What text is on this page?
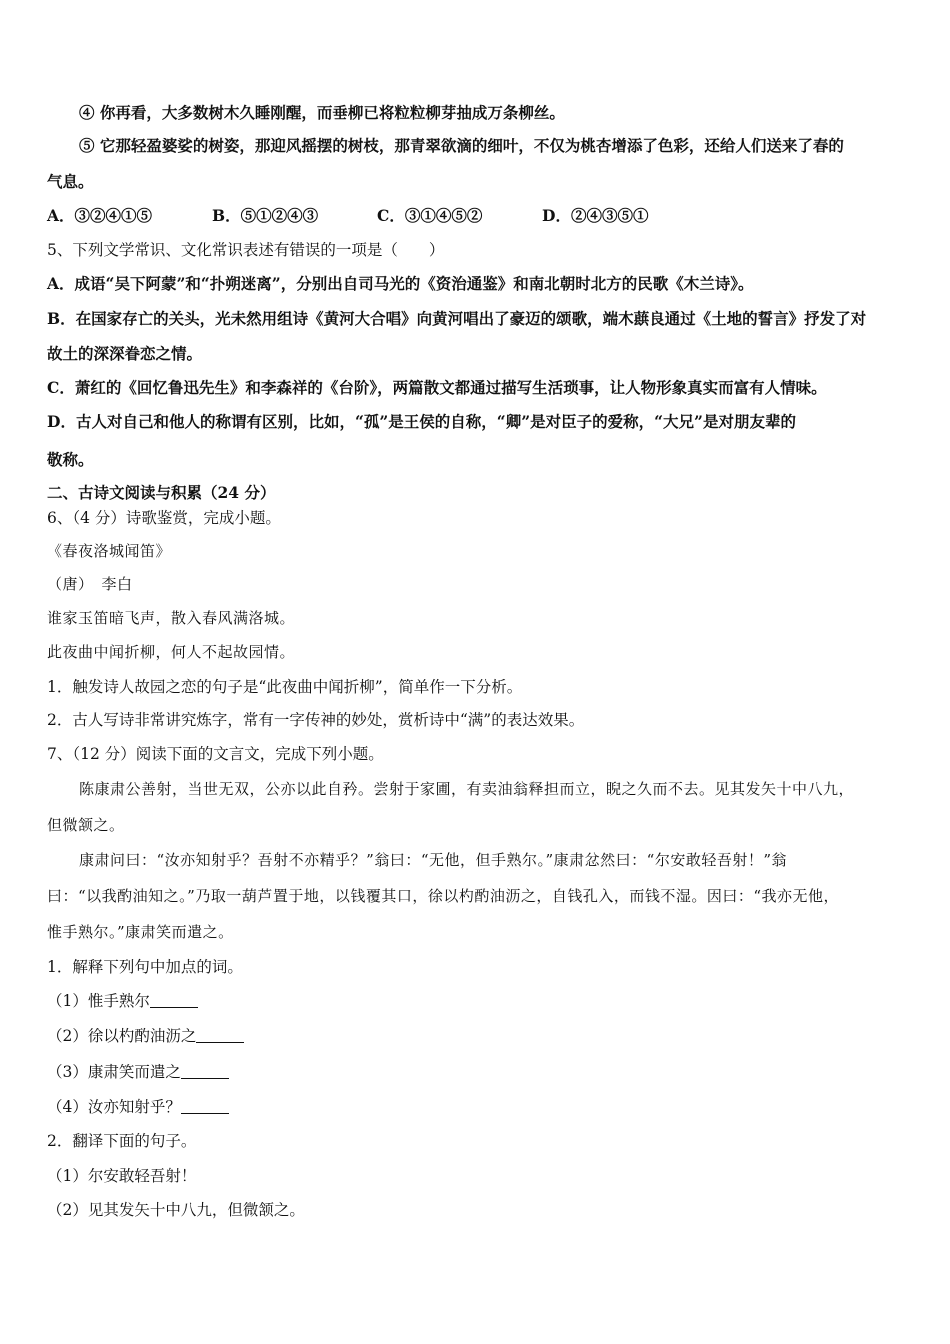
④ 你再看，大多数树木久睡刚醒，而垂柳已将粒粒柳芽抽成万条柳丝。
⑤ 它那轻盈婆娑的树姿，那迎风摇摆的树枝，那青翠欲滴的细叶，不仅为桃杏增添了色彩，还给人们送来了春的
气息。
A．③②④①⑤	B．⑤①②④③	C．③①④⑤②	D．②④③⑤①
5、下列文学常识、文化常识表述有错误的一项是（　　）
A．成语“吴下阿蒙”和“扑朔迷离”，分别出自司马光的《资治通鉴》和南北朝时北方的民歌《木兰诗》。
B．在国家存亡的关头，光未然用组诗《黄河大合唱》向黄河唱出了豪迈的颂歌，端木蕻良通过《土地的誓言》抒发了对
故土的深深眷恋之情。
C．萧红的《回忆鲁迅先生》和李森祥的《台阶》，两篇散文都通过描写生活琐事，让人物形象真实而富有人情味。
D．古人对自己和他人的称谓有区别，比如，“孤”是王侯的自称，“卿”是对臣子的爱称，“大兄”是对朋友辈的
敬称。
二、古诗文阅读与积累（24 分）
6、（4 分）诗歌鉴赏，完成小题。
《春夜洛城闻笛》
（唐）　李白
谁家玉笛暗飞声，散入春风满洛城。
此夜曲中闻折柳，何人不起故园情。
1．触发诗人故园之恋的句子是“此夜曲中闻折柳”，简单作一下分析。
2．古人写诗非常讲究炼字，常有一字传神的妙处，赏析诗中“满”的表达效果。
7、（12 分）阅读下面的文言文，完成下列小题。
陈康肃公善射，当世无双，公亦以此自矜。尝射于家圃，有卖油翁释担而立，睨之久而不去。见其发矢十中八九，
但微颔之。
康肃问曰：“汝亦知射乎？吾射不亦精乎？”翁曰：“无他，但手熟尔。”康肃忿然曰：“尔安敢轻吾射！”翁
曰：“以我酌油知之。”乃取一葫芦置于地，以钱覆其口，徐以杓酌油沥之，自钱孔入，而钱不湿。因曰：“我亦无他，
惟手熟尔。”康肃笑而遣之。
1．解释下列句中加点的词。
（1）惟手熟尔
（2）徐以杓酌油沥之
（3）康肃笑而遣之
（4）汝亦知射乎？
2．翻译下面的句子。
（1）尔安敢轻吾射！
（2）见其发矢十中八九，但微颔之。
